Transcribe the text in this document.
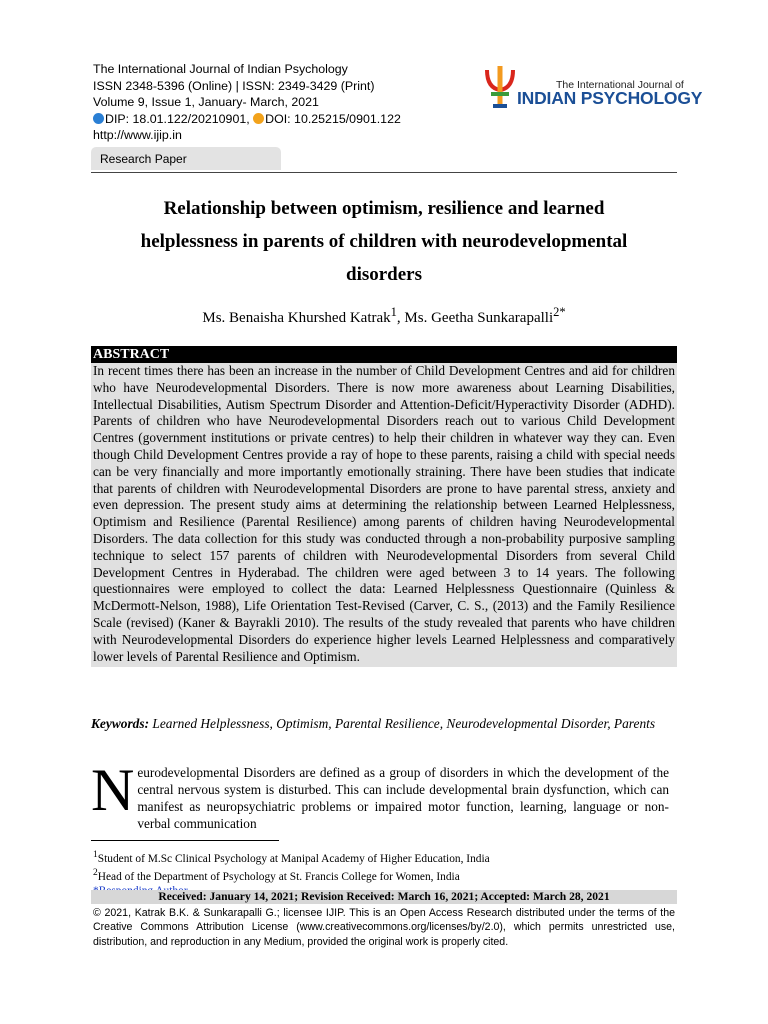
The International Journal of Indian Psychology
ISSN 2348-5396 (Online) | ISSN: 2349-3429 (Print)
Volume 9, Issue 1, January- March, 2021
DIP: 18.01.122/20210901, DOI: 10.25215/0901.122
http://www.ijip.in
The International Journal of
INDIAN PSYCHOLOGY
Research Paper
Relationship between optimism, resilience and learned
helplessness in parents of children with neurodevelopmental
disorders
Ms. Benaisha Khurshed Katrak$^1$, Ms. Geetha Sunkarapalli$^{2*}$
ABSTRACT
In recent times there has been an increase in the number of Child Development Centres and aid for children who have Neurodevelopmental Disorders. There is now more awareness about Learning Disabilities, Intellectual Disabilities, Autism Spectrum Disorder and Attention-Deficit/Hyperactivity Disorder (ADHD). Parents of children who have Neurodevelopmental Disorders reach out to various Child Development Centres (government institutions or private centres) to help their children in whatever way they can. Even though Child Development Centres provide a ray of hope to these parents, raising a child with special needs can be very financially and more importantly emotionally straining. There have been studies that indicate that parents of children with Neurodevelopmental Disorders are prone to have parental stress, anxiety and even depression. The present study aims at determining the relationship between Learned Helplessness, Optimism and Resilience (Parental Resilience) among parents of children having Neurodevelopmental Disorders. The data collection for this study was conducted through a non-probability purposive sampling technique to select 157 parents of children with Neurodevelopmental Disorders from several Child Development Centres in Hyderabad. The children were aged between 3 to 14 years. The following questionnaires were employed to collect the data: Learned Helplessness Questionnaire (Quinless & McDermott-Nelson, 1988), Life Orientation Test-Revised (Carver, C. S., (2013) and the Family Resilience Scale (revised) (Kaner & Bayrakli 2010). The results of the study revealed that parents who have children with Neurodevelopmental Disorders do experience higher levels Learned Helplessness and comparatively lower levels of Parental Resilience and Optimism.
Keywords: Learned Helplessness, Optimism, Parental Resilience, Neurodevelopmental Disorder, Parents
Neurodevelopmental Disorders are defined as a group of disorders in which the development of the central nervous system is disturbed. This can include developmental brain dysfunction, which can manifest as neuropsychiatric problems or impaired motor function, learning, language or non-verbal communication
$^1$Student of M.Sc Clinical Psychology at Manipal Academy of Higher Education, India
$^2$Head of the Department of Psychology at St. Francis College for Women, India
Received: January 14, 2021; Revision Received: March 16, 2021; Accepted: March 28, 2021
© 2021, Katrak B.K. & Sunkarapalli G.; licensee IJIP. This is an Open Access Research distributed under the terms of the Creative Commons Attribution License (www.creativecommons.org/licenses/by/2.0), which permits unrestricted use, distribution, and reproduction in any Medium, provided the original work is properly cited.
